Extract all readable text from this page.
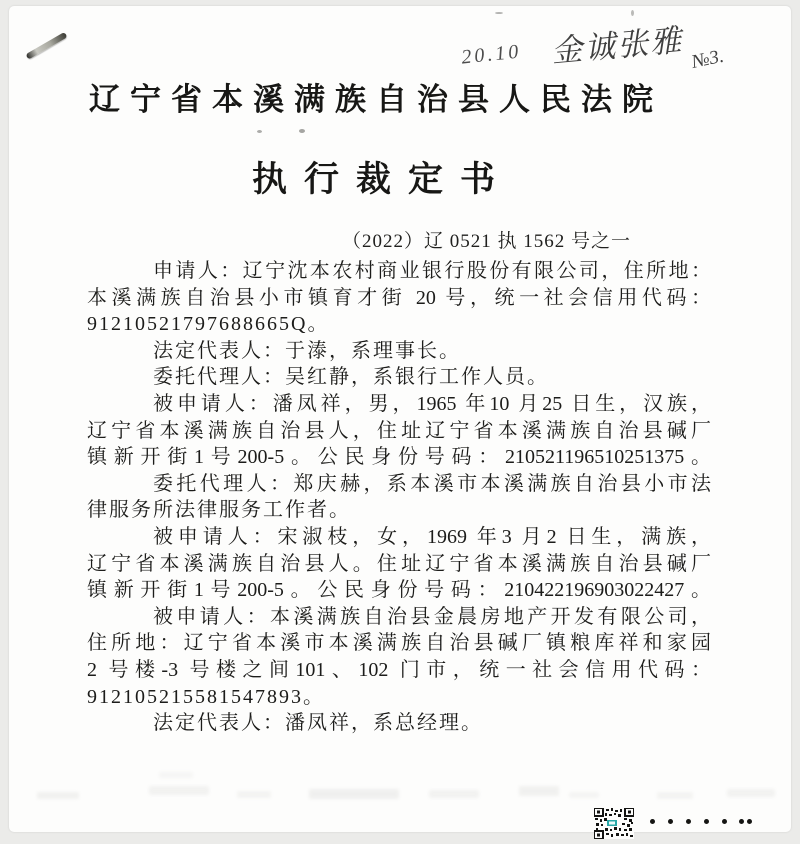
20.10 金诚张雅 №3.
辽宁省本溪满族自治县人民法院
执行裁定书
（2022）辽 0521 执 1562 号之一
申请人：辽宁沈本农村商业银行股份有限公司，住所地：
本溪满族自治县小市镇育才街 20 号，统一社会信用代码：
91210521797688665Q。
法定代表人：于溙，系理事长。
委托代理人：吴红静，系银行工作人员。
被申请人：潘凤祥，男，1965 年10 月25 日生，汉族，
辽宁省本溪满族自治县人，住址辽宁省本溪满族自治县碱厂
镇新开街1号200-5。公民身份号码：210521196510251375。
委托代理人：郑庆赫，系本溪市本溪满族自治县小市法
律服务所法律服务工作者。
被申请人：宋淑枝，女，1969 年3 月2 日生，满族，
辽宁省本溪满族自治县人。住址辽宁省本溪满族自治县碱厂
镇新开街1号200-5。公民身份号码：210422196903022427。
被申请人：本溪满族自治县金晨房地产开发有限公司，
住所地：辽宁省本溪市本溪满族自治县碱厂镇粮库祥和家园
2 号楼-3 号楼之间101、102 门市，统一社会信用代码：
912105215581547893。
法定代表人：潘凤祥，系总经理。
